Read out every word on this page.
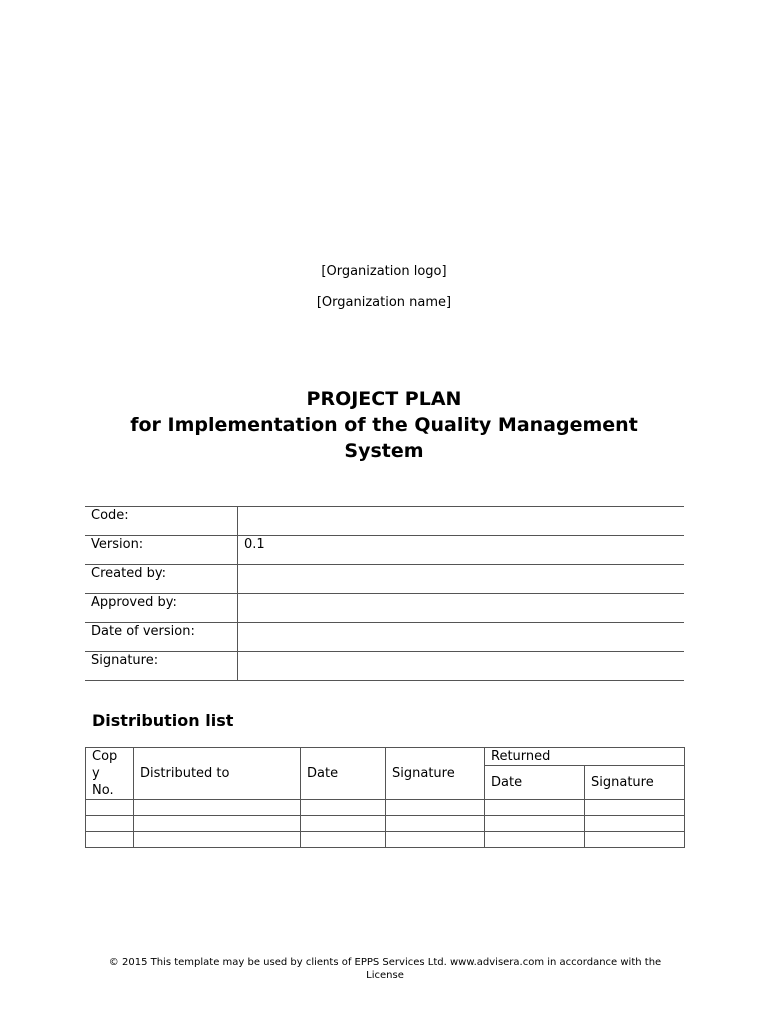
[Organization logo]
[Organization name]
PROJECT PLAN
for Implementation of the Quality Management
System
Code:	
Version:	0.1
Created by:	
Approved by:	
Date of version:	
Signature:	
Distribution list
Cop
y
No.	Distributed to	Date	Signature	Returned	
				Date	Signature

© 2015 This template may be used by clients of EPPS Services Ltd. www.advisera.com in accordance with the
License
